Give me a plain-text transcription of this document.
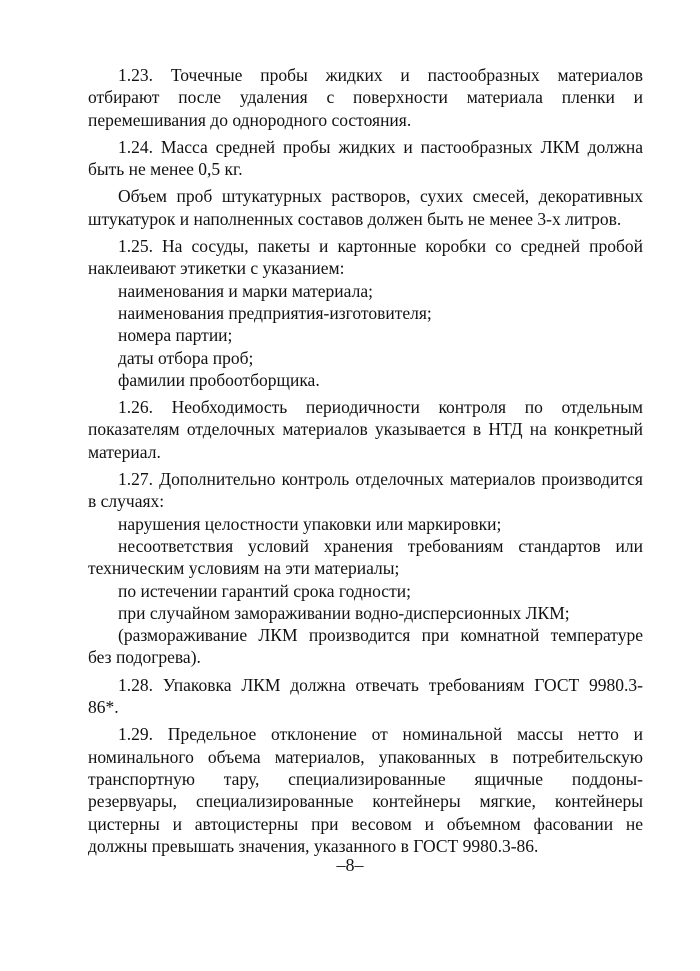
1.23. Точечные пробы жидких и пастообразных материалов
отбирают после удаления с поверхности материала пленки и
перемешивания до однородного состояния.
1.24. Масса средней пробы жидких и пастообразных ЛКМ должна
быть не менее 0,5 кг.
Объем проб штукатурных растворов, сухих смесей, декоративных
штукатурок и наполненных составов должен быть не менее 3-х литров.
1.25. На сосуды, пакеты и картонные коробки со средней пробой
наклеивают этикетки с указанием:
наименования и марки материала;
наименования предприятия-изготовителя;
номера партии;
даты отбора проб;
фамилии пробоотборщика.
1.26. Необходимость периодичности контроля по отдельным
показателям отделочных материалов указывается в НТД на конкретный
материал.
1.27. Дополнительно контроль отделочных материалов производится
в случаях:
нарушения целостности упаковки или маркировки;
несоответствия условий хранения требованиям стандартов или
техническим условиям на эти материалы;
по истечении гарантий срока годности;
при случайном замораживании водно-дисперсионных ЛКМ;
(размораживание ЛКМ производится при комнатной температуре
без подогрева).
1.28. Упаковка ЛКМ должна отвечать требованиям ГОСТ 9980.3-
86*.
1.29. Предельное отклонение от номинальной массы нетто и
номинального объема материалов, упакованных в потребительскую
транспортную тару, специализированные ящичные поддоны-
резервуары, специализированные контейнеры мягкие, контейнеры
цистерны и автоцистерны при весовом и объемном фасовании не
должны превышать значения, указанного в ГОСТ 9980.3-86.
–8–
